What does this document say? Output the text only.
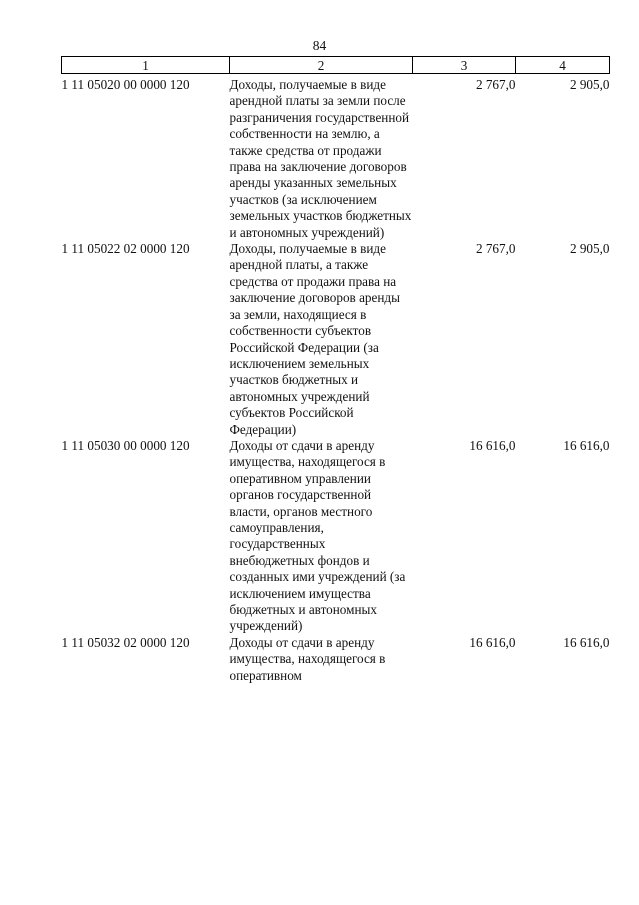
84
1	2	3	4
1 11 05020 00 0000 120	Доходы, получаемые в виде арендной платы за земли после разграничения государственной собственности на землю, а также средства от продажи права на заключение договоров аренды указанных земельных участков (за исключением земельных участков бюджетных и автономных учреждений)	2 767,0	2 905,0
1 11 05022 02 0000 120	Доходы, получаемые в виде арендной платы, а также средства от продажи права на заключение договоров аренды за земли, находящиеся в собственности субъектов Российской Федерации (за исключением земельных участков бюджетных и автономных учреждений субъектов Российской Федерации)	2 767,0	2 905,0
1 11 05030 00 0000 120	Доходы от сдачи в аренду имущества, находящегося в оперативном управлении органов государственной власти, органов местного самоуправления, государственных внебюджетных фондов и созданных ими учреждений (за исключением имущества бюджетных и автономных учреждений)	16 616,0	16 616,0
1 11 05032 02 0000 120	Доходы от сдачи в аренду имущества, находящегося в оперативном	16 616,0	16 616,0
